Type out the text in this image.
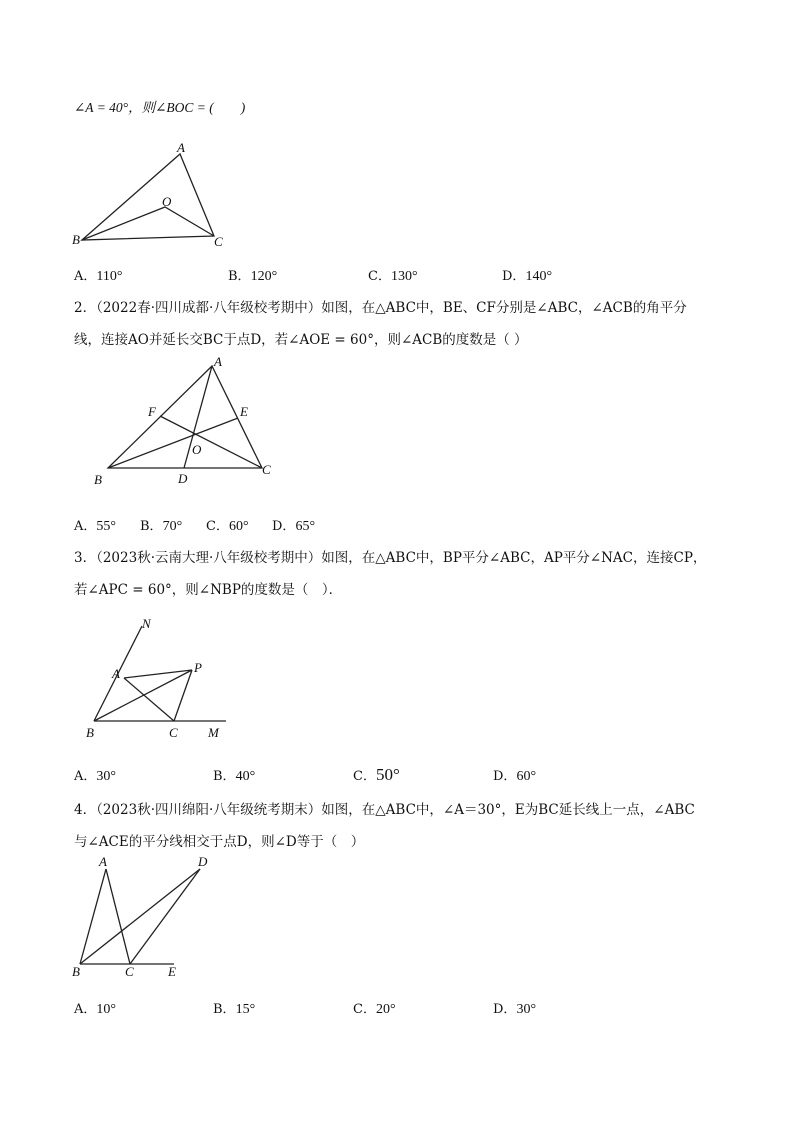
∠A = 40°，则∠BOC = (　　)
A
O
B	C
A．110°	B．120°	C．130°	D．140°
2．（2022春·四川成都·八年级校考期中）如图，在△ABC中，BE、CF分别是∠ABC，∠ACB的角平分
线，连接AO并延长交BC于点D，若∠AOE = 60°，则∠ACB的度数是（ ）
A
F	E
O
B	D
C
A．55° B．70° C．60° D．65°
3．（2023秋·云南大理·八年级校考期中）如图，在△ABC中，BP平分∠ABC，AP平分∠NAC，连接CP，
若∠APC = 60°，则∠NBP的度数是（　）．
N
A	P
B	C M
A．30°	B．40°	C．50°	D．60°
4．（2023秋·四川绵阳·八年级统考期末）如图，在△ABC中，∠A＝30°，E为BC延长线上一点，∠ABC
与∠ACE的平分线相交于点D，则∠D等于（　）
A	D
B	C	E
A．10°	B．15°	C．20°	D．30°
